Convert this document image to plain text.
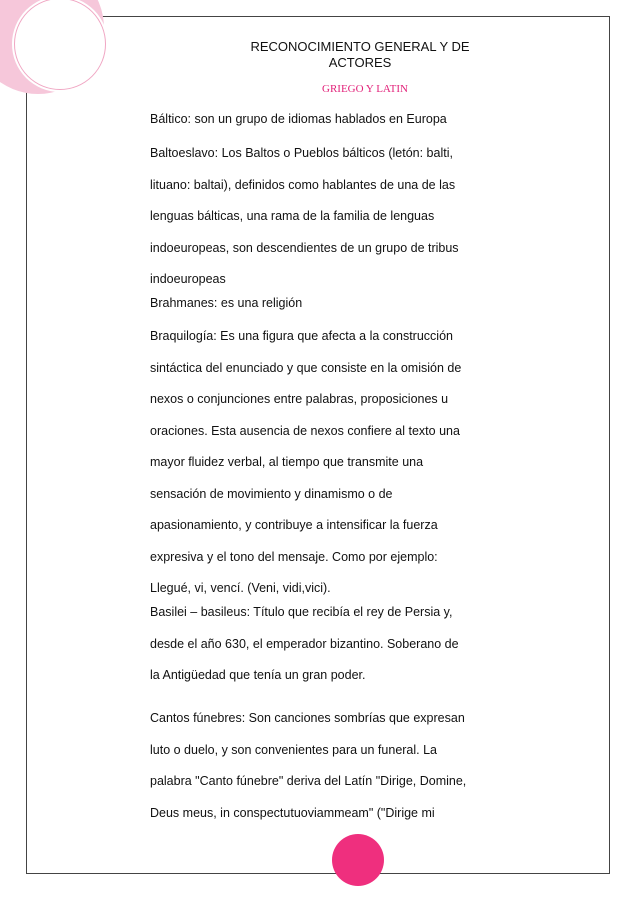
RECONOCIMIENTO GENERAL Y DE
ACTORES
GRIEGO Y LATIN

Báltico: son un grupo de idiomas hablados en Europa

Baltoeslavo: Los Baltos o Pueblos bálticos (letón: balti,
lituano: baltai), definidos como hablantes de una de las
lenguas bálticas, una rama de la familia de lenguas
indoeuropeas, son descendientes de un grupo de tribus
indoeuropeas

Brahmanes: es una religión

Braquilogía: Es una figura que afecta a la construcción
sintáctica del enunciado y que consiste en la omisión de
nexos o conjunciones entre palabras, proposiciones u
oraciones. Esta ausencia de nexos confiere al texto una
mayor fluidez verbal, al tiempo que transmite una
sensación de movimiento y dinamismo o de
apasionamiento, y contribuye a intensificar la fuerza
expresiva y el tono del mensaje. Como por ejemplo:
Llegué, vi, vencí. (Veni, vidi,vici).

Basilei – basileus: Título que recibía el rey de Persia y,
desde el año 630, el emperador bizantino. Soberano de
la Antigüedad que tenía un gran poder.

Cantos fúnebres: Son canciones sombrías que expresan
luto o duelo, y son convenientes para un funeral. La
palabra "Canto fúnebre" deriva del Latín "Dirige, Domine,
Deus meus, in conspectutuoviammeam" ("Dirige mi
